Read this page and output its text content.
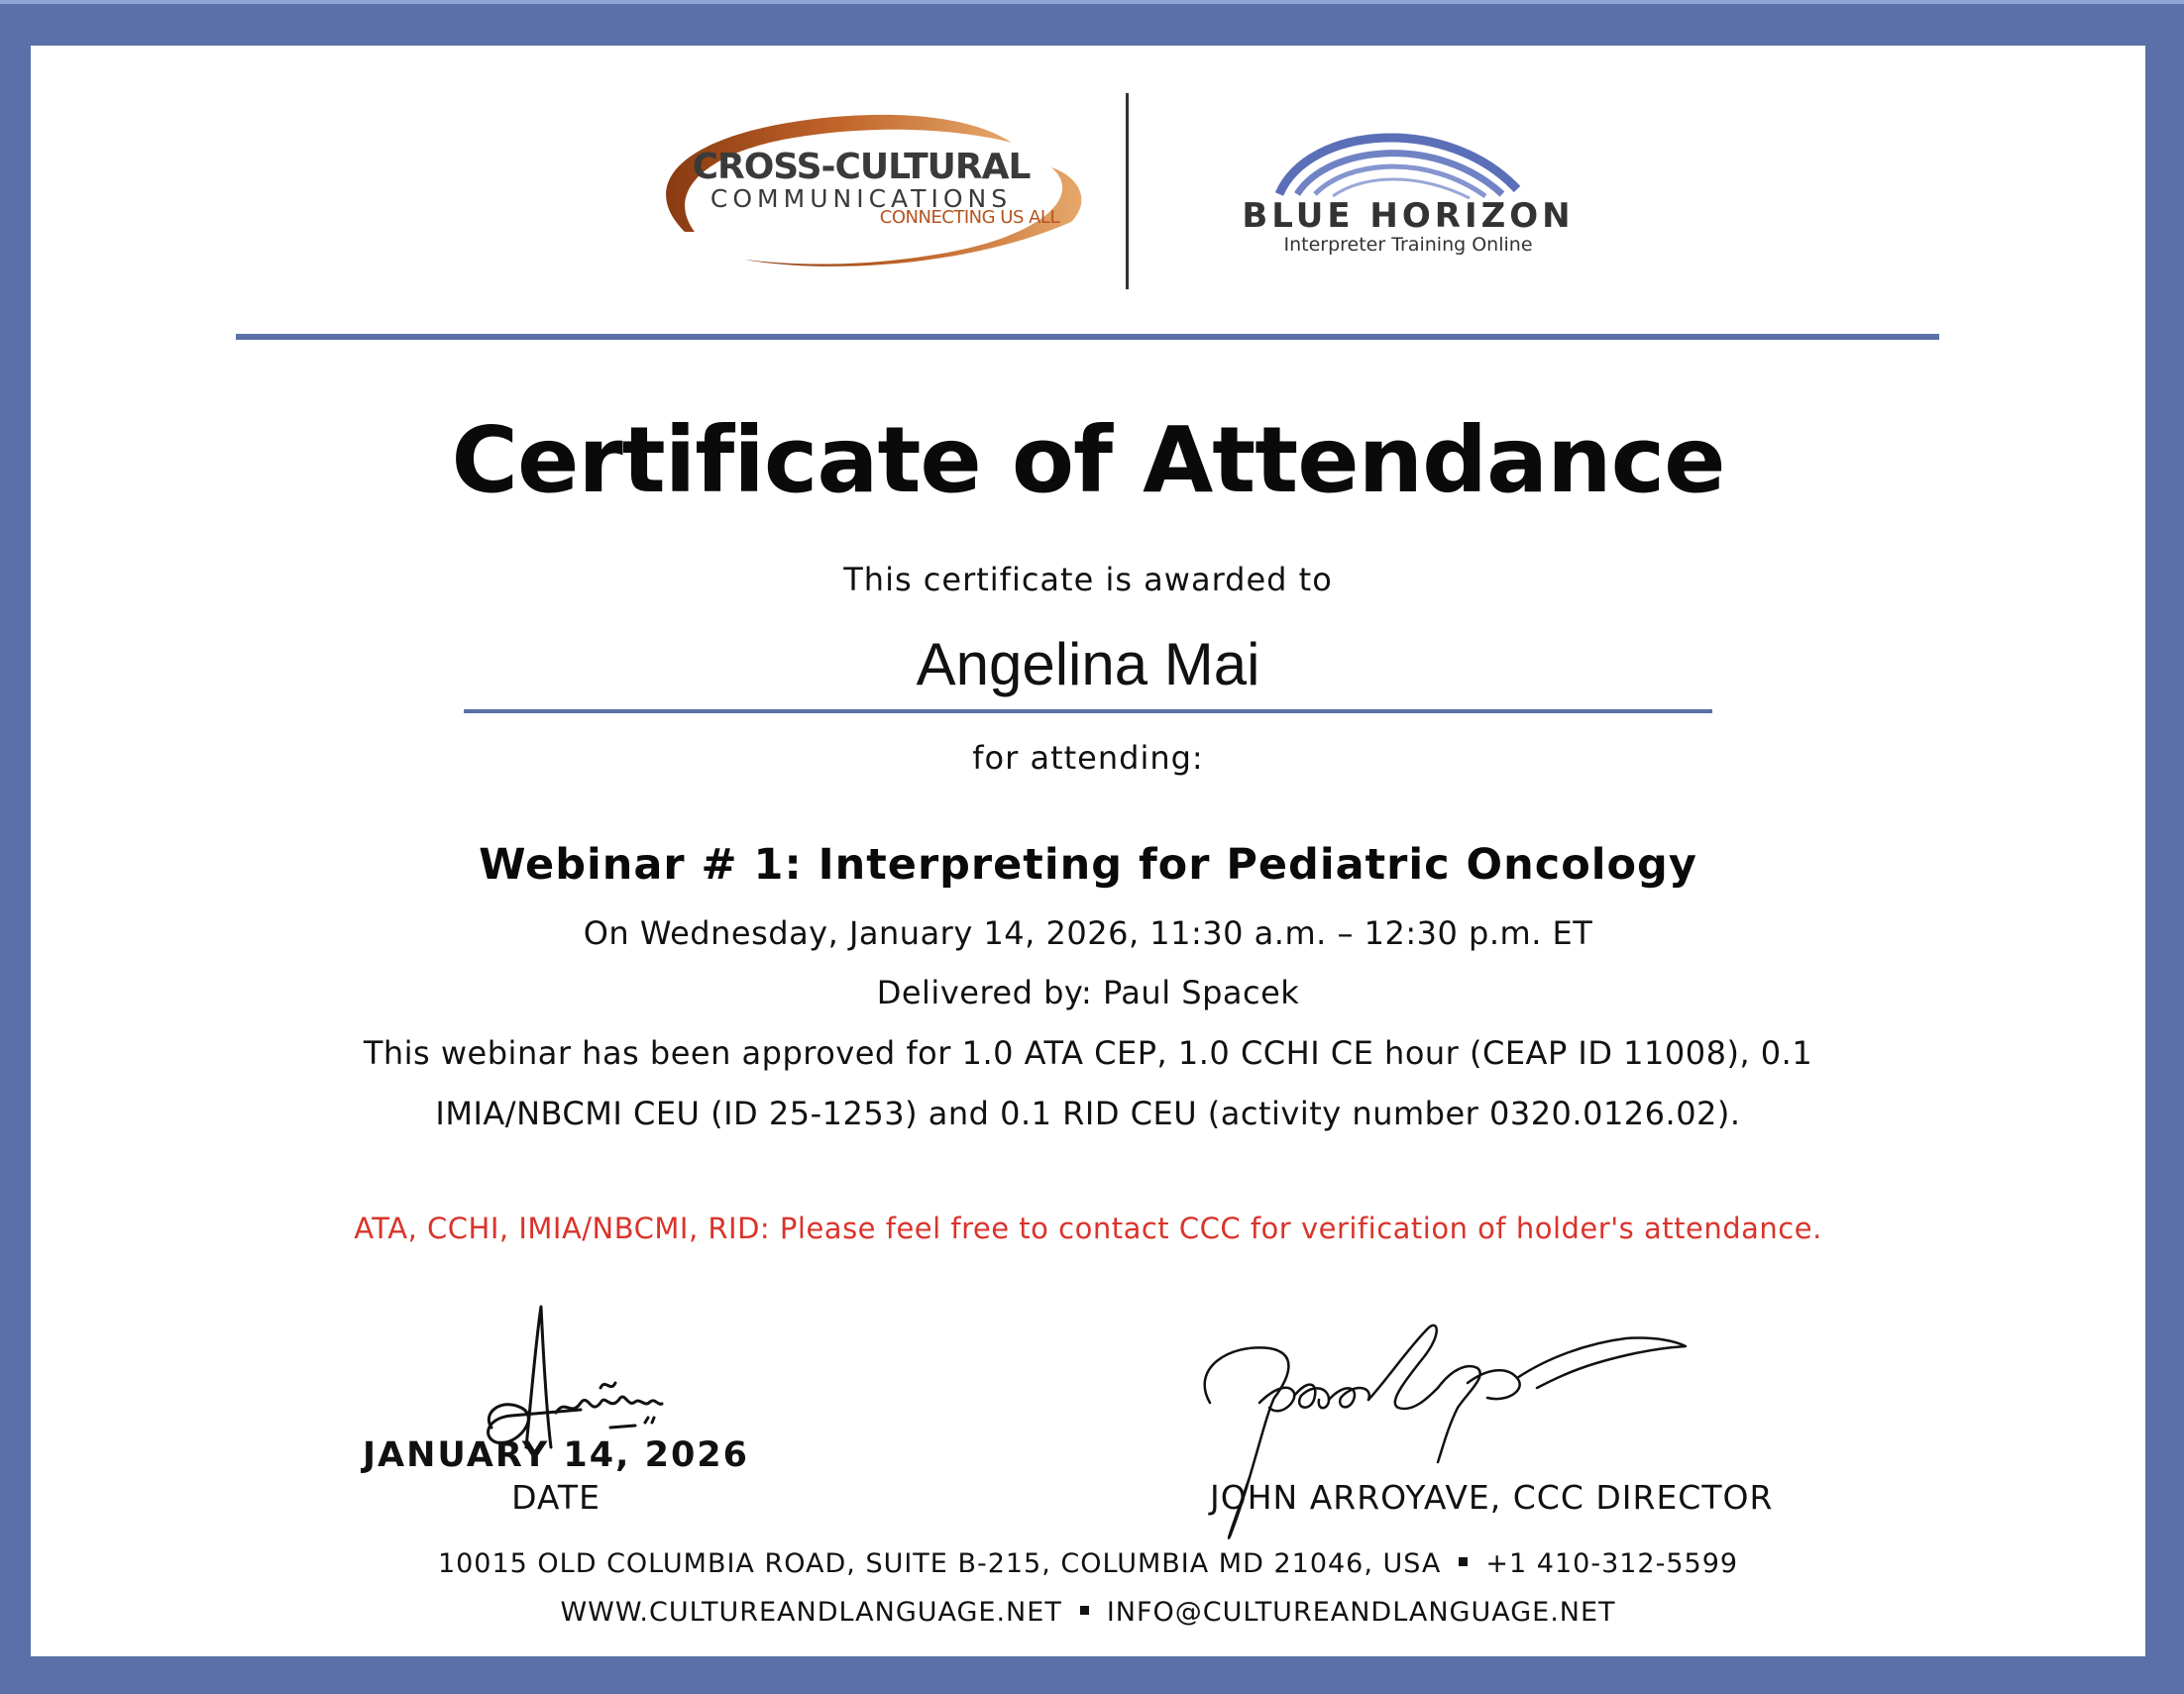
CROSS-CULTURAL
COMMUNICATIONS
CONNECTING US ALL	BLUE HORIZON
Interpreter Training Online
Certificate of Attendance
This certificate is awarded to
Angelina Mai
for attending:
Webinar # 1: Interpreting for Pediatric Oncology
On Wednesday, January 14, 2026, 11:30 a.m. – 12:30 p.m. ET
Delivered by: Paul Spacek
This webinar has been approved for 1.0 ATA CEP, 1.0 CCHI CE hour (CEAP ID 11008), 0.1
IMIA/NBCMI CEU (ID 25-1253) and 0.1 RID CEU (activity number 0320.0126.02).
ATA, CCHI, IMIA/NBCMI, RID: Please feel free to contact CCC for verification of holder's attendance.
JANUARY 14, 2026
DATE	JOHN ARROYAVE, CCC DIRECTOR
10015 OLD COLUMBIA ROAD, SUITE B-215, COLUMBIA MD 21046, USA +1 410-312-5599
WWW.CULTUREANDLANGUAGE.NET INFO@CULTUREANDLANGUAGE.NET
